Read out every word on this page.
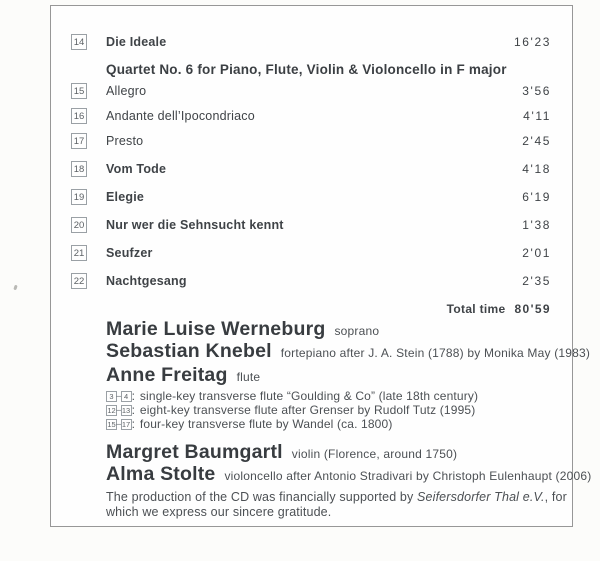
14 Die Ideale	16'23
Quartet No. 6 for Piano, Flute, Violin & Violoncello in F major
15 Allegro	3'56
16 Andante dell’Ipocondriaco	4'11
17 Presto	2'45
18 Vom Tode	4'18
19 Elegie	6'19
20 Nur wer die Sehnsucht kennt	1'38
21 Seufzer	2'01
22 Nachtgesang	2'35
Total time 80'59
Marie Luise Werneburg soprano
Sebastian Knebel fortepiano after J. A. Stein (1788) by Monika May (1983)
Anne Freitag flute
3 – 4 : single-key transverse flute “Goulding & Co” (late 18th century)
12 – 13 : eight-key transverse flute after Grenser by Rudolf Tutz (1995)
15 – 17 : four-key transverse flute by Wandel (ca. 1800)
Margret Baumgartl violin (Florence, around 1750)
Alma Stolte violoncello after Antonio Stradivari by Christoph Eulenhaupt (2006)
The production of the CD was financially supported by Seifersdorfer Thal e.V., for which we express our sincere gratitude.
